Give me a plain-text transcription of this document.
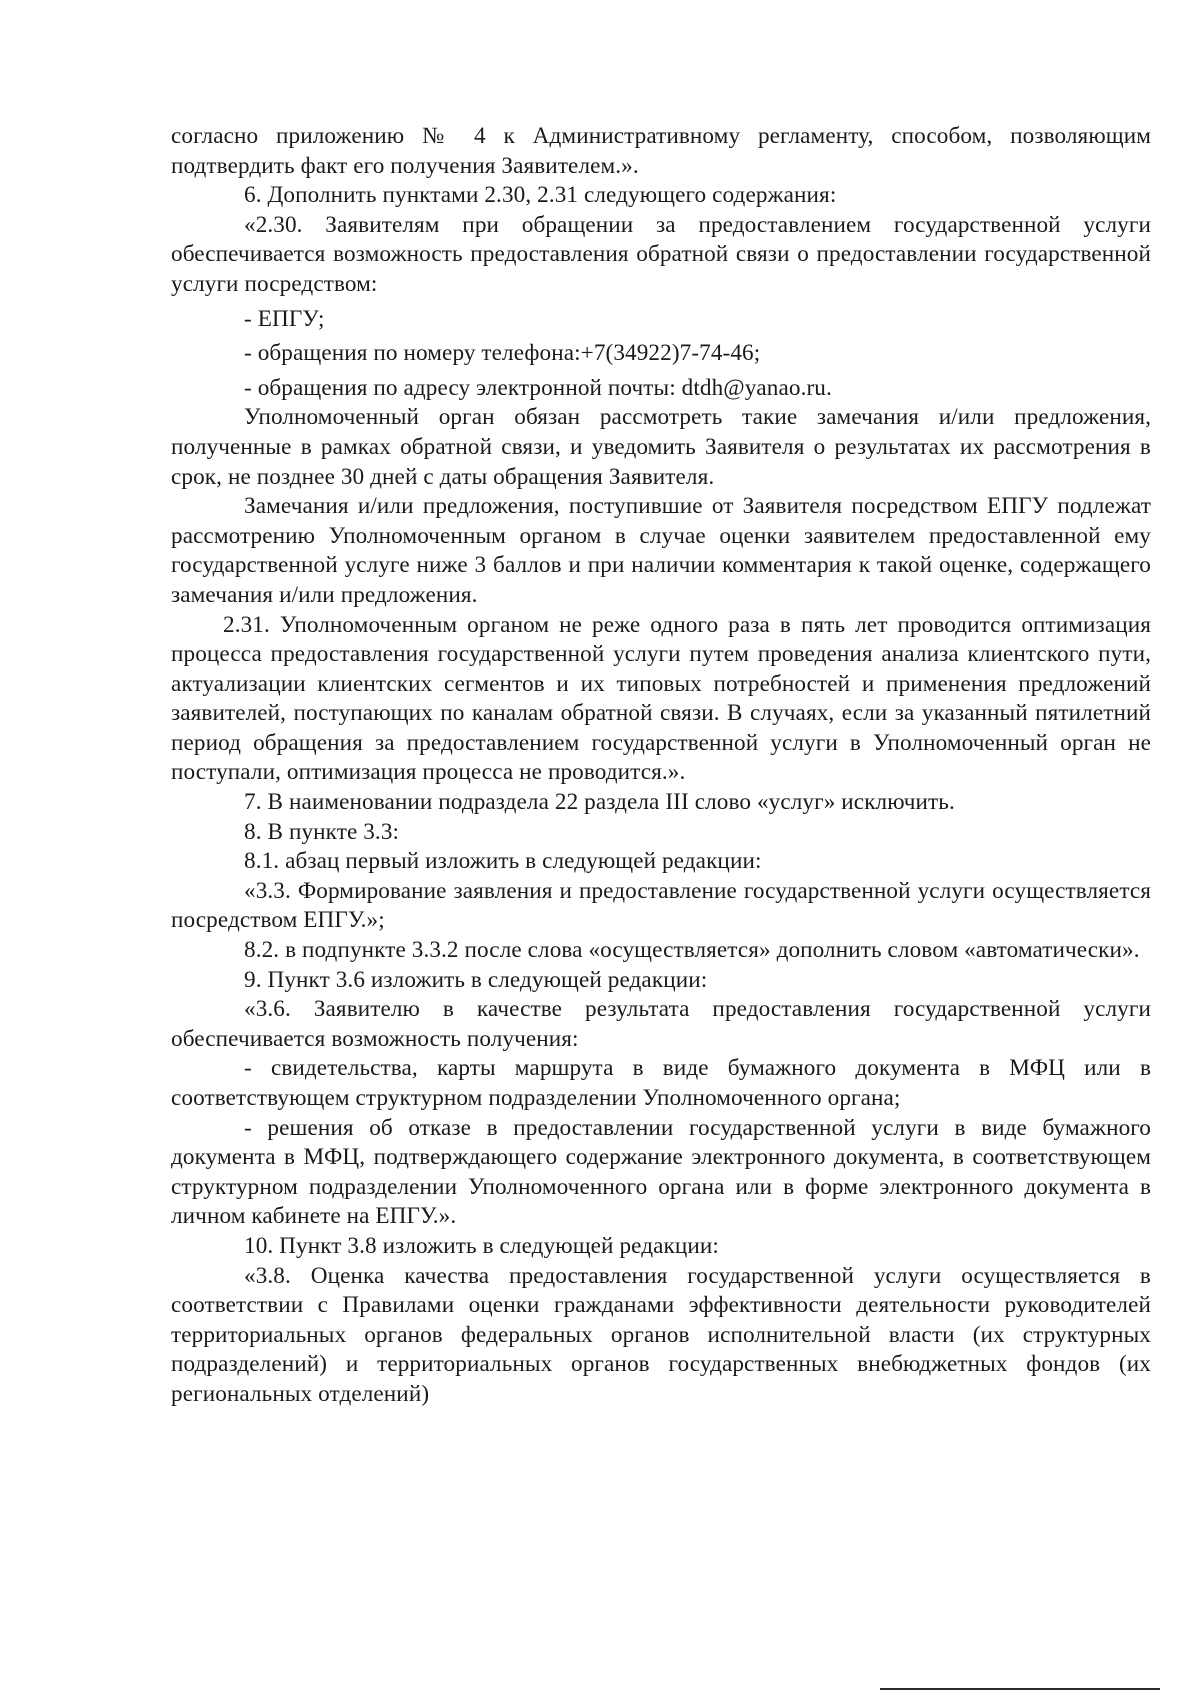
согласно приложению № 4 к Административному регламенту, способом, позволяющим подтвердить факт его получения Заявителем.».

6. Дополнить пунктами 2.30, 2.31 следующего содержания:

«2.30. Заявителям при обращении за предоставлением государственной услуги обеспечивается возможность предоставления обратной связи о предоставлении государственной услуги посредством:

- ЕПГУ;

- обращения по номеру телефона:+7(34922)7-74-46;

- обращения по адресу электронной почты: dtdh@yanao.ru.

Уполномоченный орган обязан рассмотреть такие замечания и/или предложения, полученные в рамках обратной связи, и уведомить Заявителя о результатах их рассмотрения в срок, не позднее 30 дней с даты обращения Заявителя.

Замечания и/или предложения, поступившие от Заявителя посредством ЕПГУ подлежат рассмотрению Уполномоченным органом в случае оценки заявителем предоставленной ему государственной услуге ниже 3 баллов и при наличии комментария к такой оценке, содержащего замечания и/или предложения.

2.31. Уполномоченным органом не реже одного раза в пять лет проводится оптимизация процесса предоставления государственной услуги путем проведения анализа клиентского пути, актуализации клиентских сегментов и их типовых потребностей и применения предложений заявителей, поступающих по каналам обратной связи. В случаях, если за указанный пятилетний период обращения за предоставлением государственной услуги в Уполномоченный орган не поступали, оптимизация процесса не проводится.».

7. В наименовании подраздела 22 раздела III слово «услуг» исключить.

8. В пункте 3.3:

8.1. абзац первый изложить в следующей редакции:

«3.3. Формирование заявления и предоставление государственной услуги осуществляется посредством ЕПГУ.»;

8.2. в подпункте 3.3.2 после слова «осуществляется» дополнить словом «автоматически».

9. Пункт 3.6 изложить в следующей редакции:

«3.6. Заявителю в качестве результата предоставления государственной услуги обеспечивается возможность получения:

- свидетельства, карты маршрута в виде бумажного документа в МФЦ или в соответствующем структурном подразделении Уполномоченного органа;

- решения об отказе в предоставлении государственной услуги в виде бумажного документа в МФЦ, подтверждающего содержание электронного документа, в соответствующем структурном подразделении Уполномоченного органа или в форме электронного документа в личном кабинете на ЕПГУ.».

10. Пункт 3.8 изложить в следующей редакции:

«3.8. Оценка качества предоставления государственной услуги осуществляется в соответствии с Правилами оценки гражданами эффективности деятельности руководителей территориальных органов федеральных органов исполнительной власти (их структурных подразделений) и территориальных органов государственных внебюджетных фондов (их региональных отделений)
